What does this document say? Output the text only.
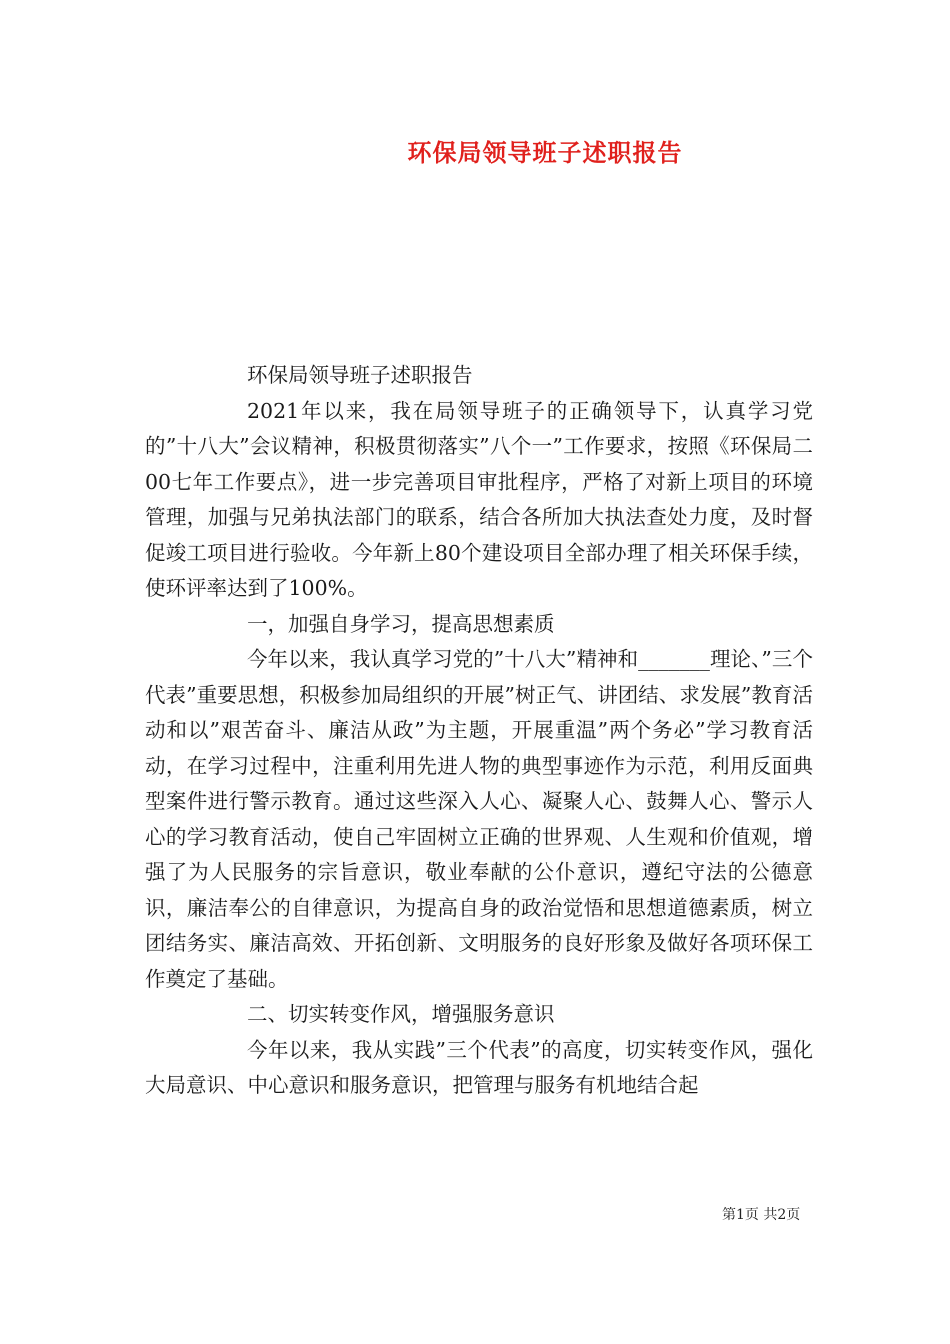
环保局领导班子述职报告

环保局领导班子述职报告

2021年以来，我在局领导班子的正确领导下，认真学习党的”十八大”会议精神，积极贯彻落实”八个一”工作要求，按照《环保局二00七年工作要点》，进一步完善项目审批程序，严格了对新上项目的环境管理，加强与兄弟执法部门的联系，结合各所加大执法查处力度，及时督促竣工项目进行验收。今年新上80个建设项目全部办理了相关环保手续，使环评率达到了100%。

一，加强自身学习，提高思想素质

今年以来，我认真学习党的”十八大”精神和_______理论、”三个代表”重要思想，积极参加局组织的开展”树正气、讲团结、求发展”教育活动和以”艰苦奋斗、廉洁从政”为主题，开展重温”两个务必”学习教育活动，在学习过程中，注重利用先进人物的典型事迹作为示范，利用反面典型案件进行警示教育。通过这些深入人心、凝聚人心、鼓舞人心、警示人心的学习教育活动，使自己牢固树立正确的世界观、人生观和价值观，增强了为人民服务的宗旨意识，敬业奉献的公仆意识，遵纪守法的公德意识，廉洁奉公的自律意识，为提高自身的政治觉悟和思想道德素质，树立团结务实、廉洁高效、开拓创新、文明服务的良好形象及做好各项环保工作奠定了基础。

二、切实转变作风，增强服务意识

今年以来，我从实践”三个代表”的高度，切实转变作风，强化大局意识、中心意识和服务意识，把管理与服务有机地结合起

第1页 共2页
